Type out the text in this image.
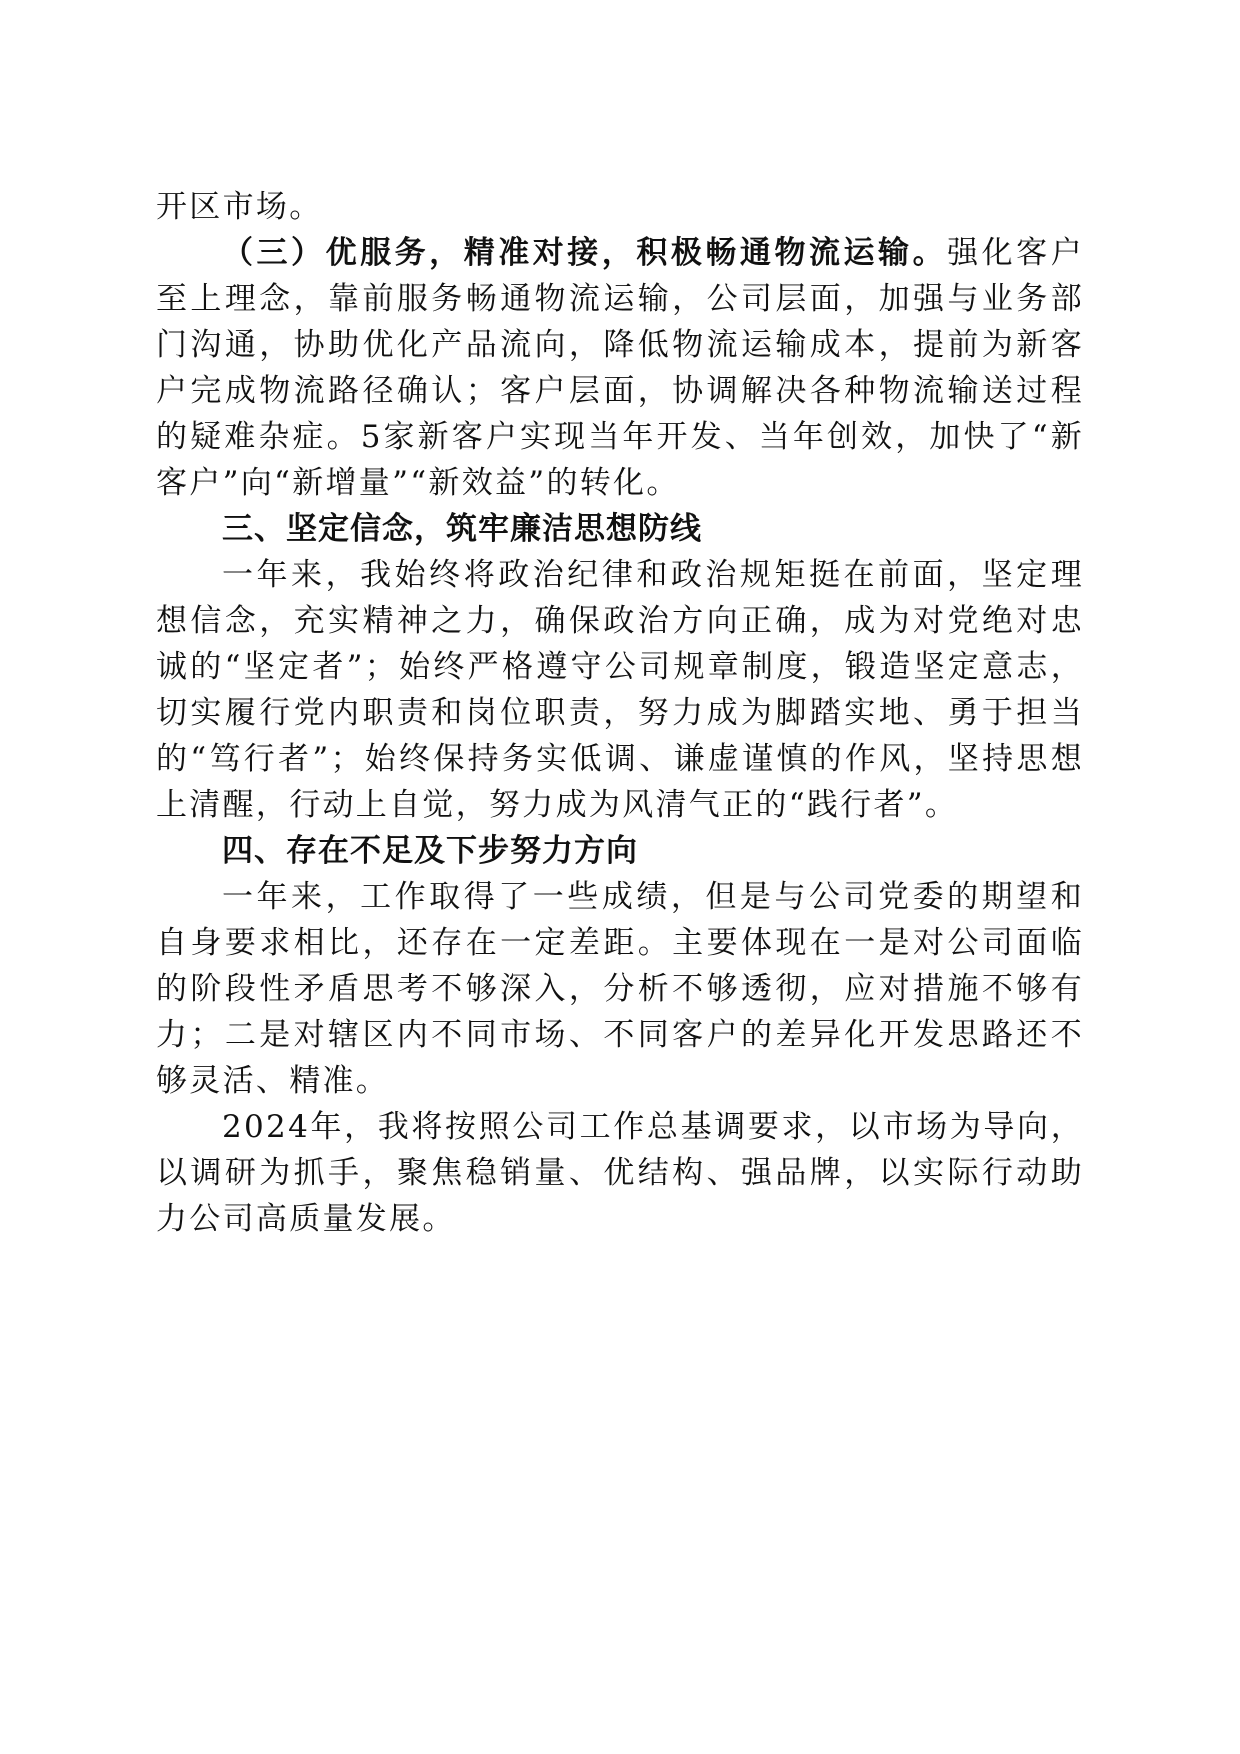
开区市场。

（三）优服务，精准对接，积极畅通物流运输。强化客户至上理念，靠前服务畅通物流运输，公司层面，加强与业务部门沟通，协助优化产品流向，降低物流运输成本，提前为新客户完成物流路径确认；客户层面，协调解决各种物流输送过程的疑难杂症。5家新客户实现当年开发、当年创效，加快了“新客户”向“新增量”“新效益”的转化。

三、坚定信念，筑牢廉洁思想防线

一年来，我始终将政治纪律和政治规矩挺在前面，坚定理想信念，充实精神之力，确保政治方向正确，成为对党绝对忠诚的“坚定者”；始终严格遵守公司规章制度，锻造坚定意志，切实履行党内职责和岗位职责，努力成为脚踏实地、勇于担当的“笃行者”；始终保持务实低调、谦虚谨慎的作风，坚持思想上清醒，行动上自觉，努力成为风清气正的“践行者”。

四、存在不足及下步努力方向

一年来，工作取得了一些成绩，但是与公司党委的期望和自身要求相比，还存在一定差距。主要体现在一是对公司面临的阶段性矛盾思考不够深入，分析不够透彻，应对措施不够有力；二是对辖区内不同市场、不同客户的差异化开发思路还不够灵活、精准。

2024年，我将按照公司工作总基调要求，以市场为导向，以调研为抓手，聚焦稳销量、优结构、强品牌，以实际行动助力公司高质量发展。
